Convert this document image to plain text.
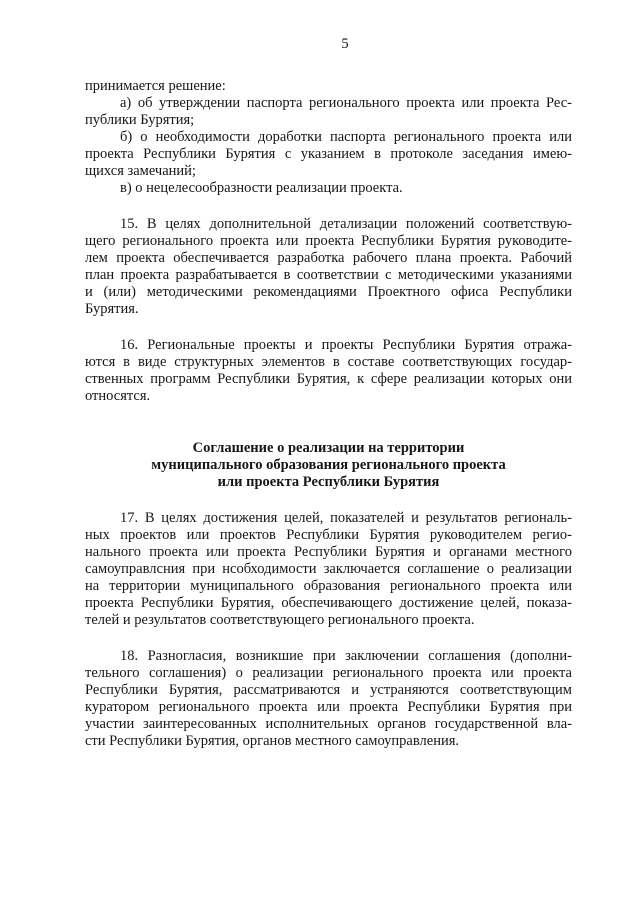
5
принимается решение:
а) об утверждении паспорта регионального проекта или проекта Рес-
публики Бурятия;
б) о необходимости доработки паспорта регионального проекта или
проекта Республики Бурятия с указанием в протоколе заседания имею-
щихся замечаний;
в) о нецелесообразности реализации проекта.
15. В целях дополнительной детализации положений соответствую-
щего регионального проекта или проекта Республики Бурятия руководите-
лем проекта обеспечивается разработка рабочего плана проекта. Рабочий
план проекта разрабатывается в соответствии с методическими указаниями
и (или) методическими рекомендациями Проектного офиса Республики
Бурятия.
16. Региональные проекты и проекты Республики Бурятия отража-
ются в виде структурных элементов в составе соответствующих государ-
ственных программ Республики Бурятия, к сфере реализации которых они
относятся.
Соглашение о реализации на территории
муниципального образования регионального проекта
или проекта Республики Бурятия
17. В целях достижения целей, показателей и результатов региональ-
ных проектов или проектов Республики Бурятия руководителем регио-
нального проекта или проекта Республики Бурятия и органами местного
самоуправлсния при нсобходимости заключается соглашение о реализации
на территории муниципального образования регионального проекта или
проекта Республики Бурятия, обеспечивающего достижение целей, показа-
телей и результатов соответствующего регионального проекта.
18. Разногласия, возникшие при заключении соглашения (дополни-
тельного соглашения) о реализации регионального проекта или проекта
Республики Бурятия, рассматриваются и устраняются соответствующим
куратором регионального проекта или проекта Республики Бурятия при
участии заинтересованных исполнительных органов государственной вла-
сти Республики Бурятия, органов местного самоуправления.
